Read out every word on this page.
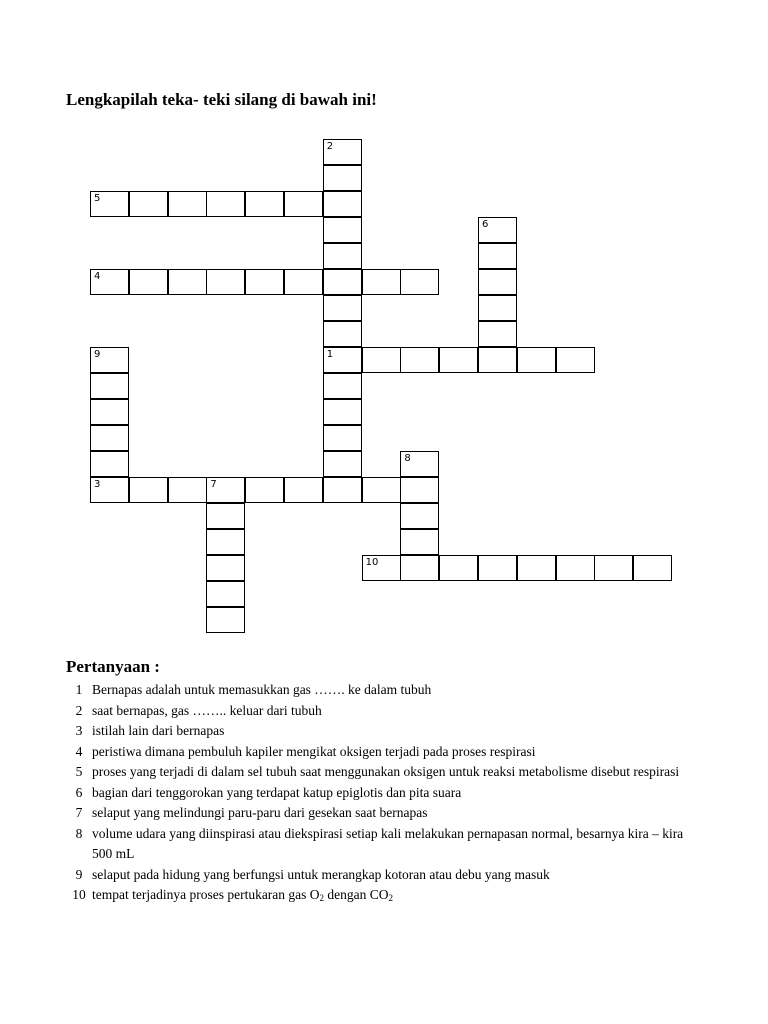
Lengkapilah teka- teki silang di bawah ini!
1
2
3	7
4
5
6
8
9
10
Pertanyaan :
1 Bernapas adalah untuk memasukkan gas ……. ke dalam tubuh
2 saat bernapas, gas …….. keluar dari tubuh
3 istilah lain dari bernapas
4 peristiwa dimana pembuluh kapiler mengikat oksigen terjadi pada proses respirasi
5 proses yang terjadi di dalam sel tubuh saat menggunakan oksigen untuk reaksi metabolisme disebut respirasi
6 bagian dari tenggorokan yang terdapat katup epiglotis dan pita suara
7 selaput yang melindungi paru-paru dari gesekan saat bernapas
8 volume udara yang diinspirasi atau diekspirasi setiap kali melakukan pernapasan normal, besarnya kira – kira 500 mL
9 selaput pada hidung yang berfungsi untuk merangkap kotoran atau debu yang masuk
10 tempat terjadinya proses pertukaran gas $O_2$ dengan $CO_2$
